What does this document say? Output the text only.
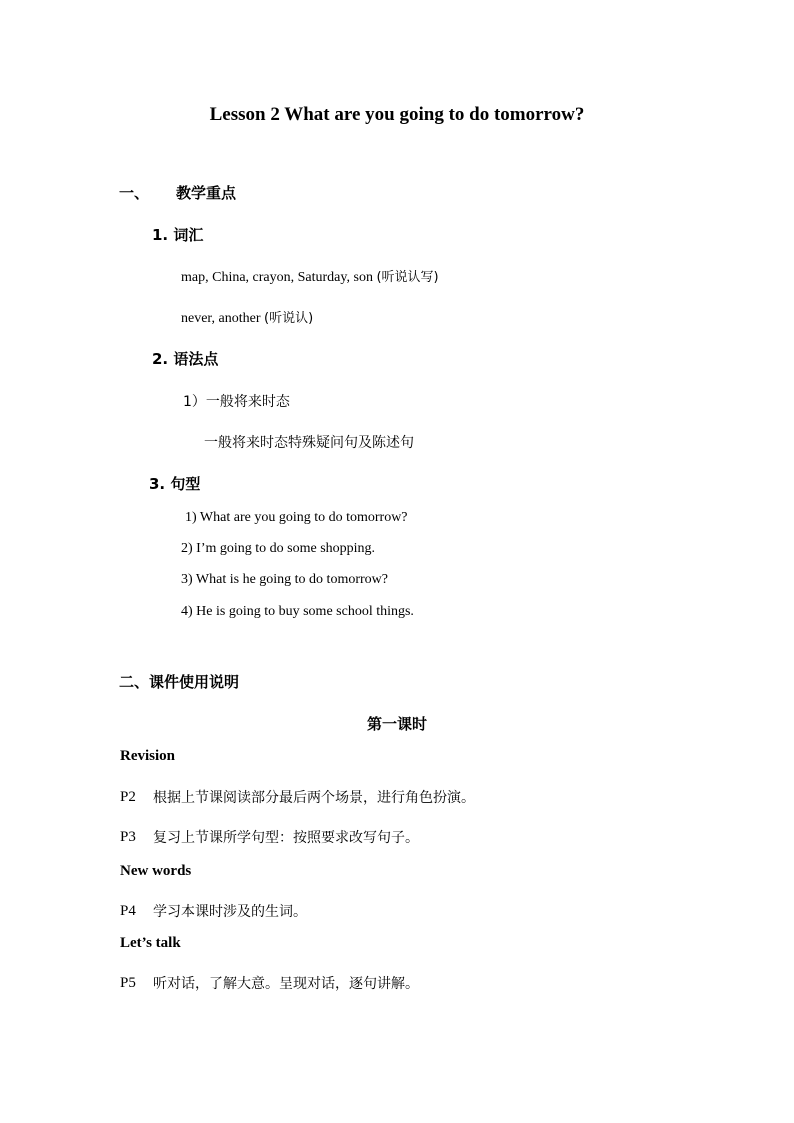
Lesson 2 What are you going to do tomorrow?
一、 教学重点
1. 词汇
map, China, crayon, Saturday, son (听说认写)
never, another (听说认)
2. 语法点
1）一般将来时态
一般将来时态特殊疑问句及陈述句
3. 句型
1) What are you going to do tomorrow?
2) I’m going to do some shopping.
3) What is he going to do tomorrow?
4) He is going to buy some school things.
二、课件使用说明
第一课时
Revision
P2 根据上节课阅读部分最后两个场景，进行角色扮演。
P3 复习上节课所学句型：按照要求改写句子。
New words
P4 学习本课时涉及的生词。
Let’s talk
P5 听对话，了解大意。呈现对话，逐句讲解。
